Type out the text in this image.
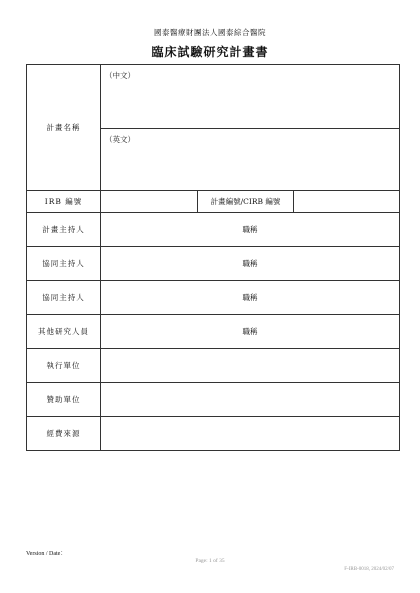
國泰醫療財團法人國泰綜合醫院
臨床試驗研究計畫書
計畫名稱	（中文）
（英文）		

IRB 編號		計畫編號/CIRB 編號	
計畫主持人	職稱		
協同主持人	職稱		
協同主持人	職稱		
其他研究人員	職稱		
執行單位			
贊助單位			
經費來源			
Version / Date：
Page: 1 of 35
F-IRB-0018, 2024/02/07
